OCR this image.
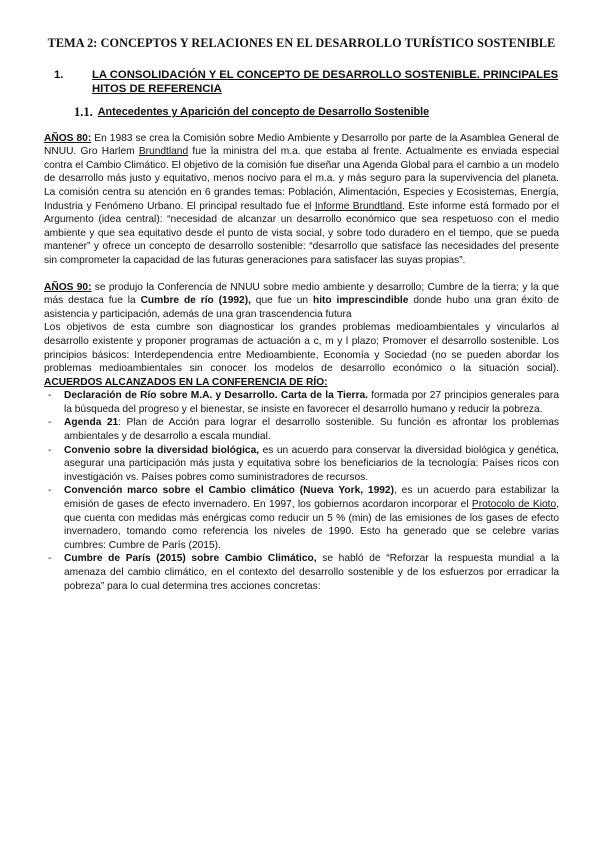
TEMA 2: CONCEPTOS Y RELACIONES EN EL DESARROLLO TURÍSTICO SOSTENIBLE
1.	LA CONSOLIDACIÓN Y EL CONCEPTO DE DESARROLLO SOSTENIBLE. PRINCIPALES HITOS DE REFERENCIA
1.1. Antecedentes y Aparición del concepto de Desarrollo Sostenible

AÑOS 80: En 1983 se crea la Comisión sobre Medio Ambiente y Desarrollo por parte de la Asamblea General de NNUU. Gro Harlem Brundtland fue la ministra del m.a. que estaba al frente. Actualmente es enviada especial contra el Cambio Climático. El objetivo de la comisión fue diseñar una Agenda Global para el cambio a un modelo de desarrollo más justo y equitativo, menos nocivo para el m.a. y más seguro para la supervivencia del planeta. La comisión centra su atención en 6 grandes temas: Población, Alimentación, Especies y Ecosistemas, Energía, Industria y Fenómeno Urbano. El principal resultado fue el Informe Brundtland. Este informe está formado por el Argumento (idea central): “necesidad de alcanzar un desarrollo económico que sea respetuoso con el medio ambiente y que sea equitativo desde el punto de vista social, y sobre todo duradero en el tiempo, que se pueda mantener” y ofrece un concepto de desarrollo sostenible: “desarrollo que satisface las necesidades del presente sin comprometer la capacidad de las futuras generaciones para satisfacer las suyas propias”.

AÑOS 90: se produjo la Conferencia de NNUU sobre medio ambiente y desarrollo; Cumbre de la tierra; y la que más destaca fue la Cumbre de río (1992), que fue un hito imprescindible donde hubo una gran éxito de asistencia y participación, además de una gran trascendencia futura

Los objetivos de esta cumbre son diagnosticar los grandes problemas medioambientales y vincularlos al desarrollo existente y proponer programas de actuación a c, m y l plazo; Promover el desarrollo sostenible. Los principios básicos: Interdependencia entre Medioambiente, Economía y Sociedad (no se pueden abordar los problemas medioambientales sin conocer los modelos de desarrollo económico o la situación social). ACUERDOS ALCANZADOS EN LA CONFERENCIA DE RÍO:

- Declaración de Río sobre M.A. y Desarrollo. Carta de la Tierra. formada por 27 principios generales para la búsqueda del progreso y el bienestar, se insiste en favorecer el desarrollo humano y reducir la pobreza.
- Agenda 21: Plan de Acción para lograr el desarrollo sostenible. Su función es afrontar los problemas ambientales y de desarrollo a escala mundial.
- Convenio sobre la diversidad biológica, es un acuerdo para conservar la diversidad biológica y genética, asegurar una participación más justa y equitativa sobre los beneficiarios de la tecnología: Países ricos con investigación vs. Países pobres como suministradores de recursos.
- Convención marco sobre el Cambio climático (Nueva York, 1992), es un acuerdo para estabilizar la emisión de gases de efecto invernadero. En 1997, los gobiernos acordaron incorporar el Protocolo de Kioto, que cuenta con medidas más enérgicas como reducir un 5 % (min) de las emisiones de los gases de efecto invernadero, tomando como referencia los niveles de 1990. Esto ha generado que se celebre varias cumbres: Cumbre de París (2015).
- Cumbre de París (2015) sobre Cambio Climático, se habló de “Reforzar la respuesta mundial a la amenaza del cambio climático, en el contexto del desarrollo sostenible y de los esfuerzos por erradicar la pobreza” para lo cual determina tres acciones concretas:
